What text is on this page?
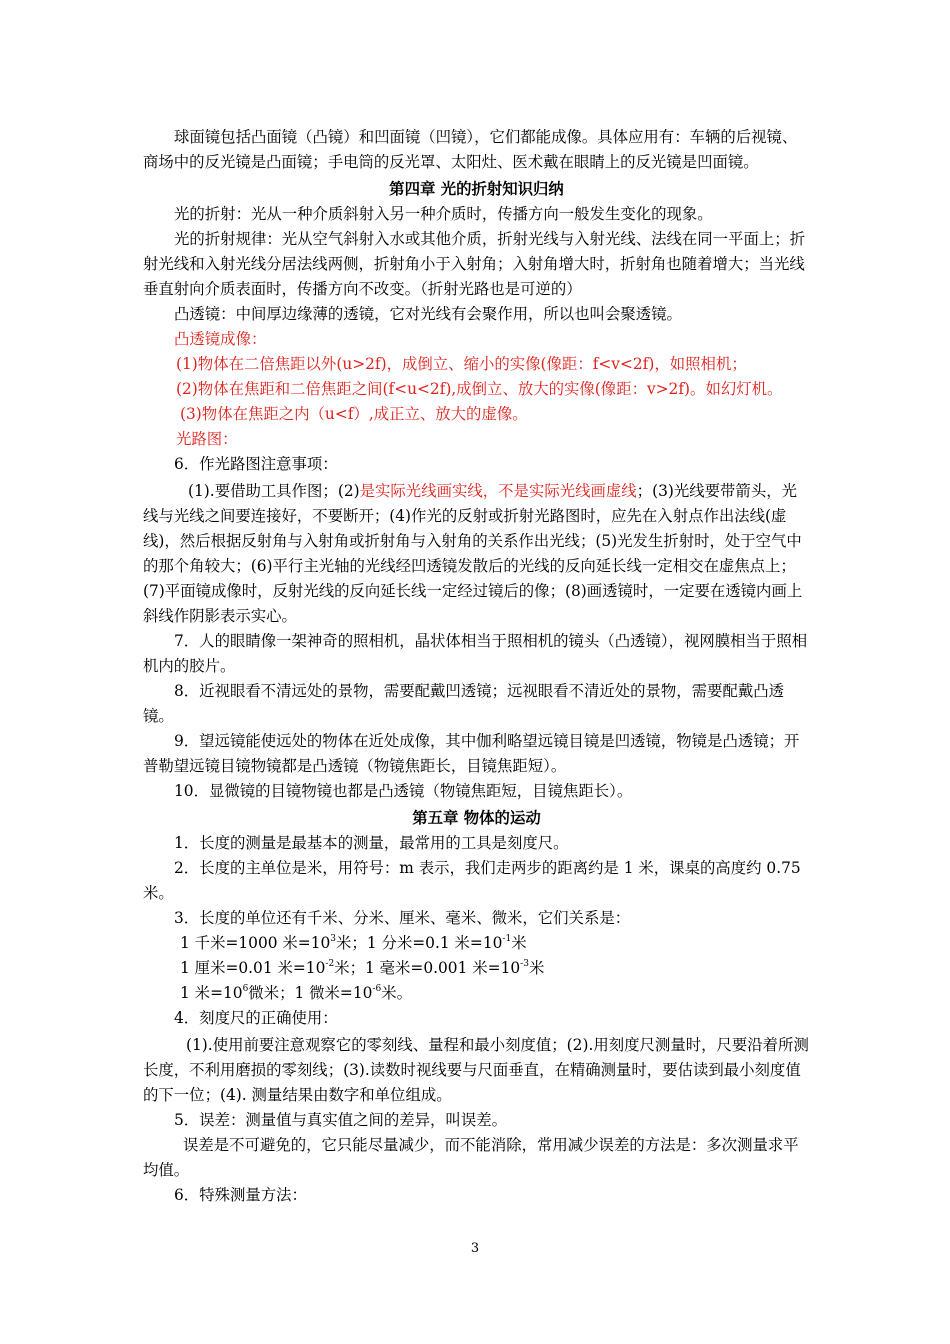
球面镜包括凸面镜（凸镜）和凹面镜（凹镜），它们都能成像。具体应用有：车辆的后视镜、商场中的反光镜是凸面镜；手电筒的反光罩、太阳灶、医术戴在眼睛上的反光镜是凹面镜。

第四章 光的折射知识归纳

光的折射：光从一种介质斜射入另一种介质时，传播方向一般发生变化的现象。

光的折射规律：光从空气斜射入水或其他介质，折射光线与入射光线、法线在同一平面上；折射光线和入射光线分居法线两侧，折射角小于入射角；入射角增大时，折射角也随着增大；当光线垂直射向介质表面时，传播方向不改变。（折射光路也是可逆的）

凸透镜：中间厚边缘薄的透镜，它对光线有会聚作用，所以也叫会聚透镜。

凸透镜成像：

(1)物体在二倍焦距以外(u>2f)，成倒立、缩小的实像(像距：f<v<2f)，如照相机；

(2)物体在焦距和二倍焦距之间(f<u<2f),成倒立、放大的实像(像距：v>2f)。如幻灯机。

(3)物体在焦距之内（u<f）,成正立、放大的虚像。

光路图：

6．作光路图注意事项：

(1).要借助工具作图；(2)是实际光线画实线，不是实际光线画虚线；(3)光线要带箭头，光线与光线之间要连接好，不要断开；(4)作光的反射或折射光路图时，应先在入射点作出法线(虚线)，然后根据反射角与入射角或折射角与入射角的关系作出光线；(5)光发生折射时，处于空气中的那个角较大；(6)平行主光轴的光线经凹透镜发散后的光线的反向延长线一定相交在虚焦点上；(7)平面镜成像时，反射光线的反向延长线一定经过镜后的像；(8)画透镜时，一定要在透镜内画上斜线作阴影表示实心。

7．人的眼睛像一架神奇的照相机，晶状体相当于照相机的镜头（凸透镜），视网膜相当于照相机内的胶片。

8．近视眼看不清远处的景物，需要配戴凹透镜；远视眼看不清近处的景物，需要配戴凸透镜。

9．望远镜能使远处的物体在近处成像，其中伽利略望远镜目镜是凹透镜，物镜是凸透镜；开普勒望远镜目镜物镜都是凸透镜（物镜焦距长，目镜焦距短）。

10．显微镜的目镜物镜也都是凸透镜（物镜焦距短，目镜焦距长）。

第五章 物体的运动

1．长度的测量是最基本的测量，最常用的工具是刻度尺。

2．长度的主单位是米，用符号：m 表示，我们走两步的距离约是 1 米，课桌的高度约 0.75 米。

3．长度的单位还有千米、分米、厘米、毫米、微米，它们关系是：

1 千米=1000 米$=10^3$米；1 分米=0.1 米$=10^{-1}$米

1 厘米=0.01 米$=10^{-2}$米；1 毫米=0.001 米$=10^{-3}$米

1 米$=10^6$微米；1 微米$=10^{-6}$米。

4．刻度尺的正确使用：

(1).使用前要注意观察它的零刻线、量程和最小刻度值；(2).用刻度尺测量时，尺要沿着所测长度，不利用磨损的零刻线；(3).读数时视线要与尺面垂直，在精确测量时，要估读到最小刻度值的下一位；(4). 测量结果由数字和单位组成。

5．误差：测量值与真实值之间的差异，叫误差。

误差是不可避免的，它只能尽量减少，而不能消除，常用减少误差的方法是：多次测量求平均值。

6．特殊测量方法：

3
